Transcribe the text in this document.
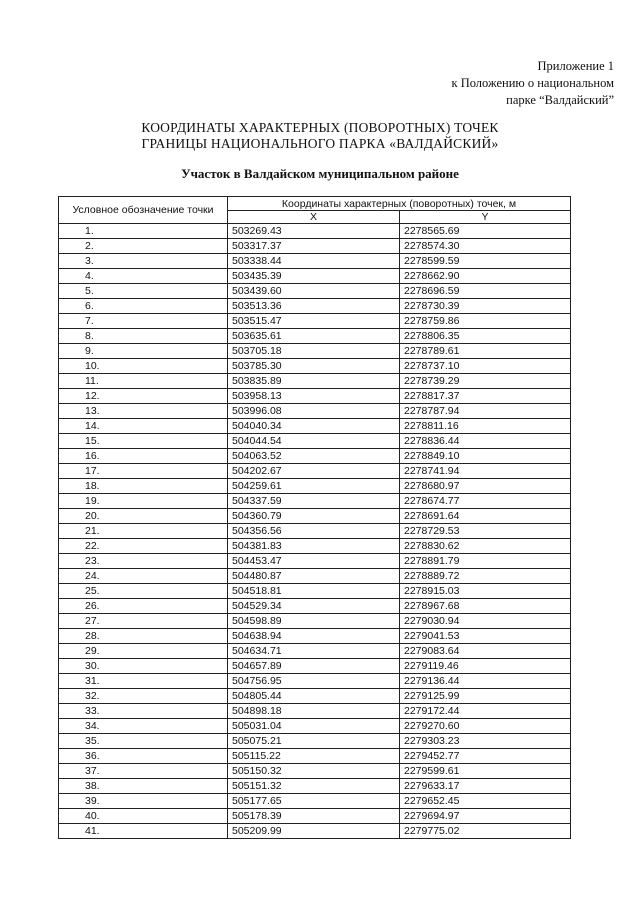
Приложение 1
к Положению о национальном
парке “Валдайский”
КООРДИНАТЫ ХАРАКТЕРНЫХ (ПОВОРОТНЫХ) ТОЧЕК
ГРАНИЦЫ НАЦИОНАЛЬНОГО ПАРКА «ВАЛДАЙСКИЙ»
Участок в Валдайском муниципальном районе
Условное обозначение точки	Координаты характерных (поворотных) точек, м	
	X	Y
1.	503269.43	2278565.69
2.	503317.37	2278574.30
3.	503338.44	2278599.59
4.	503435.39	2278662.90
5.	503439.60	2278696.59
6.	503513.36	2278730.39
7.	503515.47	2278759.86
8.	503635.61	2278806.35
9.	503705.18	2278789.61
10.	503785.30	2278737.10
11.	503835.89	2278739.29
12.	503958.13	2278817.37
13.	503996.08	2278787.94
14.	504040.34	2278811.16
15.	504044.54	2278836.44
16.	504063.52	2278849.10
17.	504202.67	2278741.94
18.	504259.61	2278680.97
19.	504337.59	2278674.77
20.	504360.79	2278691.64
21.	504356.56	2278729.53
22.	504381.83	2278830.62
23.	504453.47	2278891.79
24.	504480.87	2278889.72
25.	504518.81	2278915.03
26.	504529.34	2278967.68
27.	504598.89	2279030.94
28.	504638.94	2279041.53
29.	504634.71	2279083.64
30.	504657.89	2279119.46
31.	504756.95	2279136.44
32.	504805.44	2279125.99
33.	504898.18	2279172.44
34.	505031.04	2279270.60
35.	505075.21	2279303.23
36.	505115.22	2279452.77
37.	505150.32	2279599.61
38.	505151.32	2279633.17
39.	505177.65	2279652.45
40.	505178.39	2279694.97
41.	505209.99	2279775.02
